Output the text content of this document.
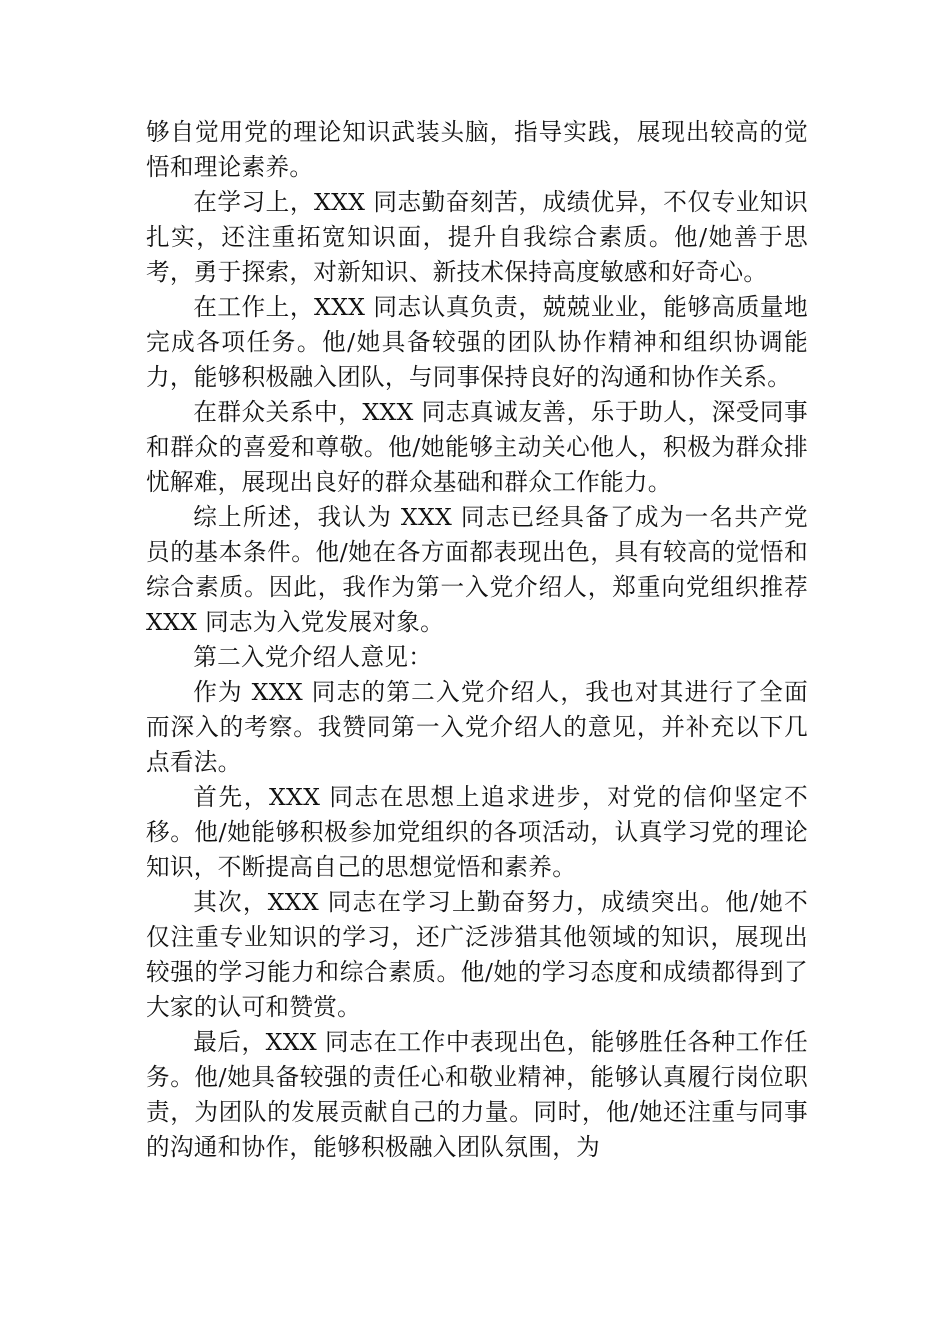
够自觉用党的理论知识武装头脑，指导实践，展现出较高的觉悟和理论素养。

在学习上，XXX 同志勤奋刻苦，成绩优异，不仅专业知识扎实，还注重拓宽知识面，提升自我综合素质。他/她善于思考，勇于探索，对新知识、新技术保持高度敏感和好奇心。

在工作上，XXX 同志认真负责，兢兢业业，能够高质量地完成各项任务。他/她具备较强的团队协作精神和组织协调能力，能够积极融入团队，与同事保持良好的沟通和协作关系。

在群众关系中，XXX 同志真诚友善，乐于助人，深受同事和群众的喜爱和尊敬。他/她能够主动关心他人，积极为群众排忧解难，展现出良好的群众基础和群众工作能力。

综上所述，我认为 XXX 同志已经具备了成为一名共产党员的基本条件。他/她在各方面都表现出色，具有较高的觉悟和综合素质。因此，我作为第一入党介绍人，郑重向党组织推荐 XXX 同志为入党发展对象。

第二入党介绍人意见：

作为 XXX 同志的第二入党介绍人，我也对其进行了全面而深入的考察。我赞同第一入党介绍人的意见，并补充以下几点看法。

首先，XXX 同志在思想上追求进步，对党的信仰坚定不移。他/她能够积极参加党组织的各项活动，认真学习党的理论知识，不断提高自己的思想觉悟和素养。

其次，XXX 同志在学习上勤奋努力，成绩突出。他/她不仅注重专业知识的学习，还广泛涉猎其他领域的知识，展现出较强的学习能力和综合素质。他/她的学习态度和成绩都得到了大家的认可和赞赏。

最后，XXX 同志在工作中表现出色，能够胜任各种工作任务。他/她具备较强的责任心和敬业精神，能够认真履行岗位职责，为团队的发展贡献自己的力量。同时，他/她还注重与同事的沟通和协作，能够积极融入团队氛围，为
